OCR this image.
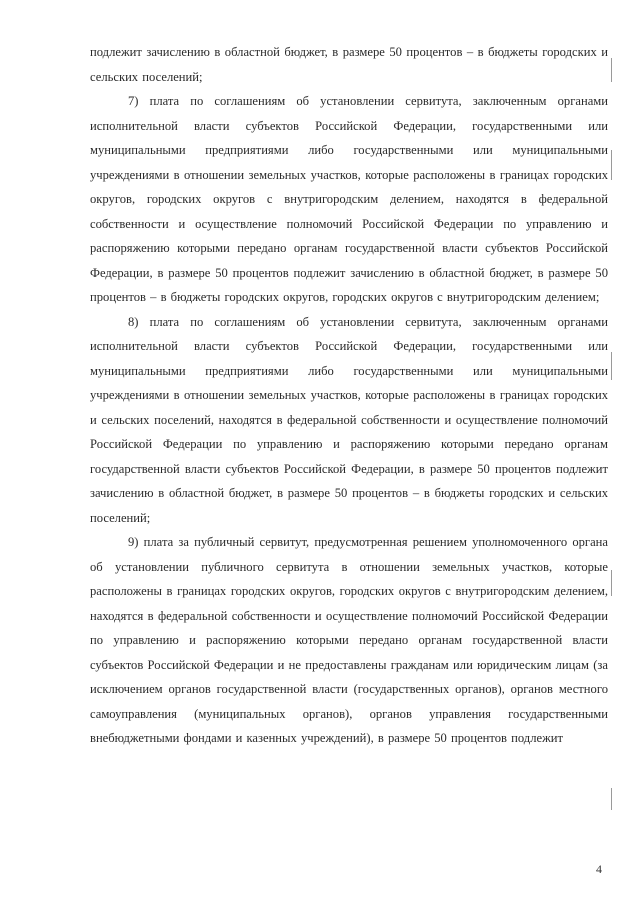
подлежит зачислению в областной бюджет, в размере 50 процентов – в бюджеты городских и сельских поселений;

7) плата по соглашениям об установлении сервитута, заключенным органами исполнительной власти субъектов Российской Федерации, государственными или муниципальными предприятиями либо государственными или муниципальными учреждениями в отношении земельных участков, которые расположены в границах городских округов, городских округов с внутригородским делением, находятся в федеральной собственности и осуществление полномочий Российской Федерации по управлению и распоряжению которыми передано органам государственной власти субъектов Российской Федерации, в размере 50 процентов подлежит зачислению в областной бюджет, в размере 50 процентов – в бюджеты городских округов, городских округов с внутригородским делением;

8) плата по соглашениям об установлении сервитута, заключенным органами исполнительной власти субъектов Российской Федерации, государственными или муниципальными предприятиями либо государственными или муниципальными учреждениями в отношении земельных участков, которые расположены в границах городских и сельских поселений, находятся в федеральной собственности и осуществление полномочий Российской Федерации по управлению и распоряжению которыми передано органам государственной власти субъектов Российской Федерации, в размере 50 процентов подлежит зачислению в областной бюджет, в размере 50 процентов – в бюджеты городских и сельских поселений;

9) плата за публичный сервитут, предусмотренная решением уполномоченного органа об установлении публичного сервитута в отношении земельных участков, которые расположены в границах городских округов, городских округов с внутригородским делением, находятся в федеральной собственности и осуществление полномочий Российской Федерации по управлению и распоряжению которыми передано органам государственной власти субъектов Российской Федерации и не предоставлены гражданам или юридическим лицам (за исключением органов государственной власти (государственных органов), органов местного самоуправления (муниципальных органов), органов управления государственными внебюджетными фондами и казенных учреждений), в размере 50 процентов подлежит

4
